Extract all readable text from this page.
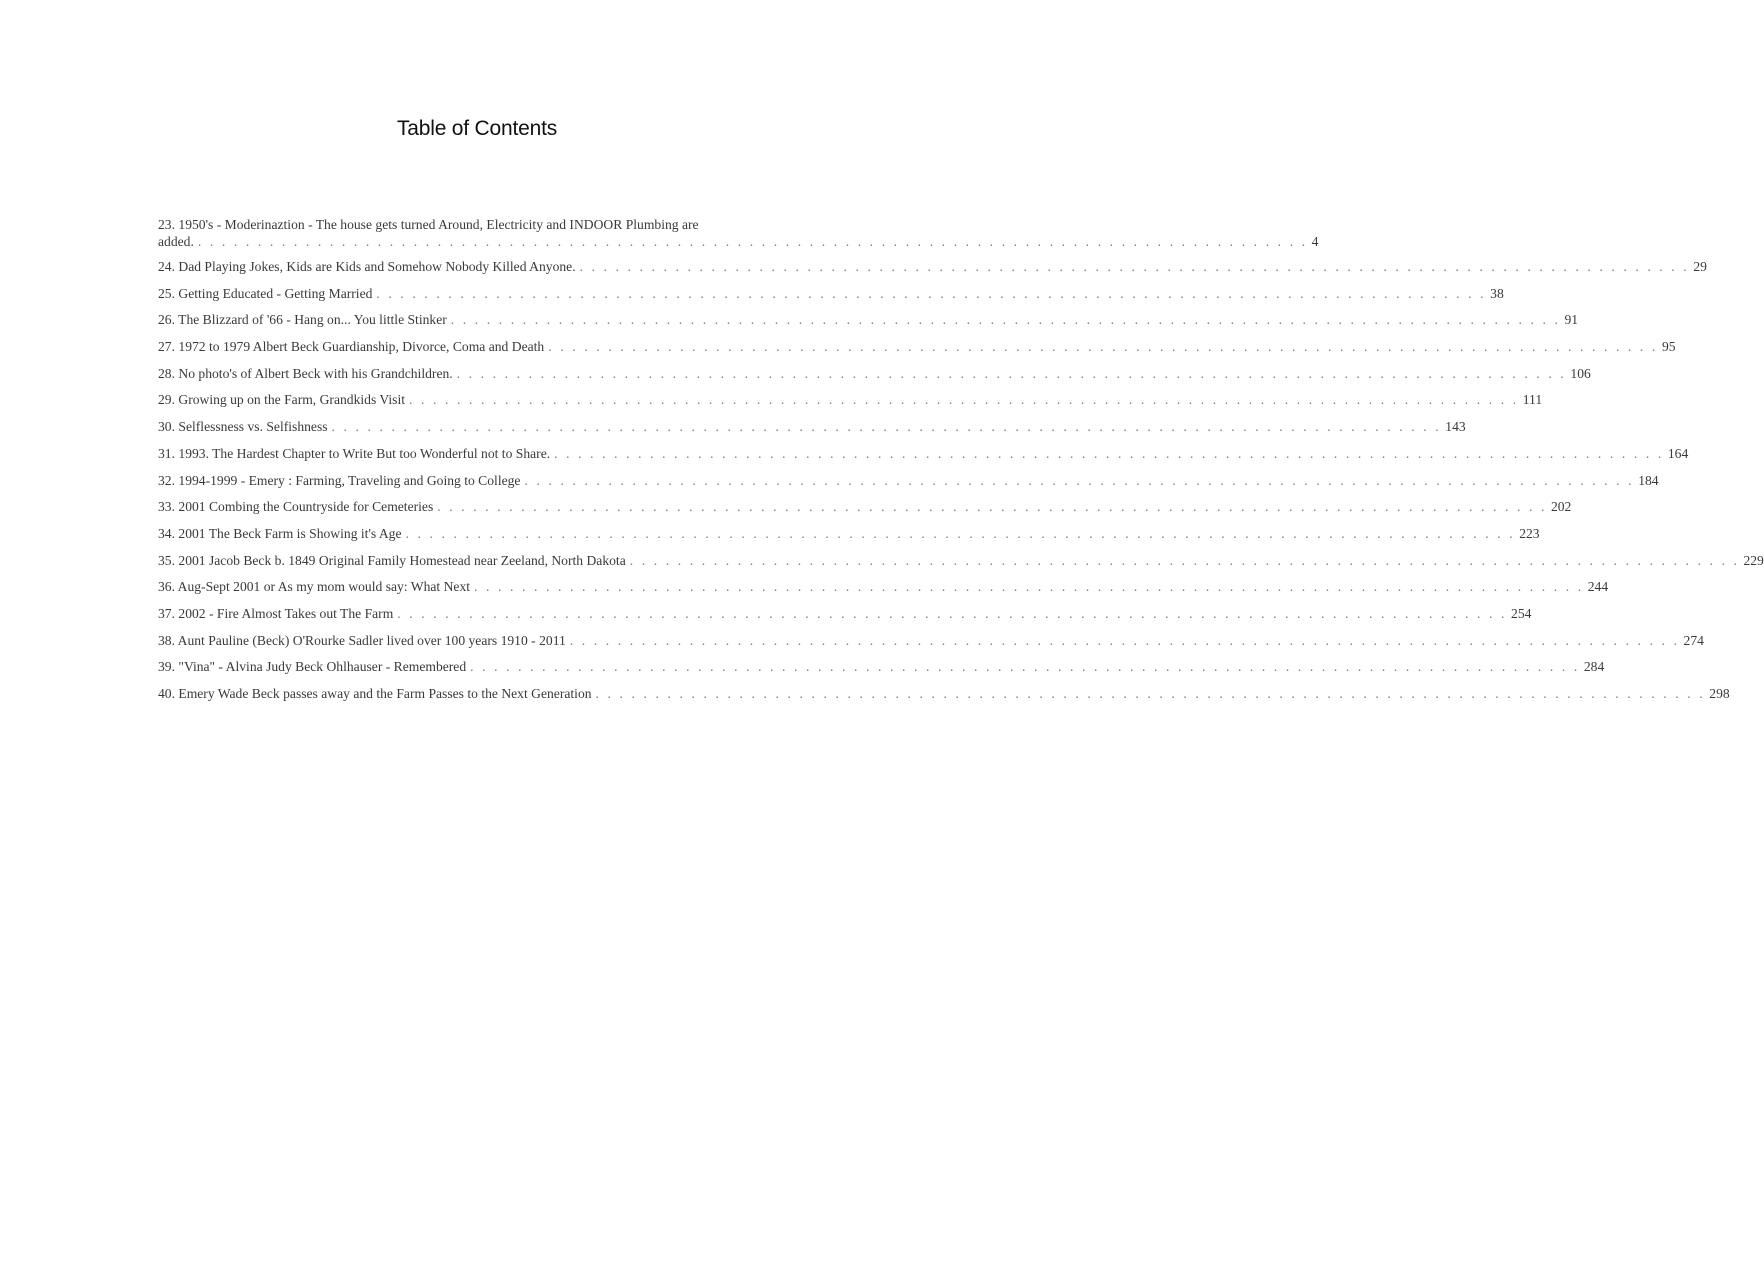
Table of Contents
23. 1950's - Moderinaztion - The house gets turned Around, Electricity and INDOOR Plumbing are
added. . . .	4
24. Dad Playing Jokes, Kids are Kids and Somehow Nobody Killed Anyone. . . .	29
25. Getting Educated - Getting Married . . .	38
26. The Blizzard of '66 - Hang on... You little Stinker . . .	91
27. 1972 to 1979 Albert Beck Guardianship, Divorce, Coma and Death . . .	95
28. No photo's of Albert Beck with his Grandchildren. . . .	106
29. Growing up on the Farm, Grandkids Visit . . .	111
30. Selflessness vs. Selfishness . . .	143
31. 1993. The Hardest Chapter to Write But too Wonderful not to Share. . . .	164
32. 1994-1999 - Emery : Farming, Traveling and Going to College . . .	184
33. 2001 Combing the Countryside for Cemeteries . . .	202
34. 2001 The Beck Farm is Showing it's Age . . .	223
35. 2001 Jacob Beck b. 1849 Original Family Homestead near Zeeland, North Dakota . . .	229
36. Aug-Sept 2001 or As my mom would say: What Next . . .	244
37. 2002 - Fire Almost Takes out The Farm . . .	254
38. Aunt Pauline (Beck) O'Rourke Sadler lived over 100 years 1910 - 2011 . . .	274
39. "Vina" - Alvina Judy Beck Ohlhauser - Remembered . . .	284
40. Emery Wade Beck passes away and the Farm Passes to the Next Generation . . .	298
